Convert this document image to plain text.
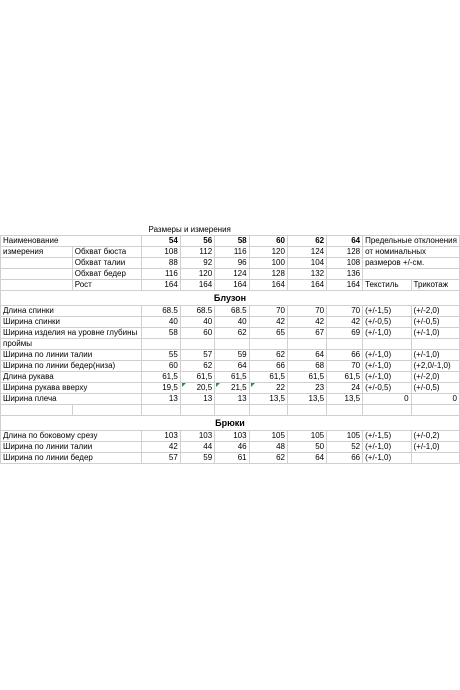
Размеры и измерения									
Наименование		54	56	58	60	62	64	Предельные отклонения	
измерения	Обхват бюста	108	112	116	120	124	128	от номинальных	
	Обхват талии	88	92	96	100	104	108	размеров +/-см.	
	Обхват бедер	116	120	124	128	132	136		
	Рост	164	164	164	164	164	164	Текстиль	Трикотаж
Блузон									
Длина спинки		68.5	68.5	68.5	70	70	70	(+/-1,5)	(+/-2,0)
Ширина спинки		40	40	40	42	42	42	(+/-0,5)	(+/-0,5)
Ширина изделия на уровне глубины		58	60	62	65	67	69	(+/-1,0)	(+/-1,0)
проймы									
Ширина по линии талии		55	57	59	62	64	66	(+/-1,0)	(+/-1,0)
Ширина по линии бедер(низа)		60	62	64	66	68	70	(+/-1,0)	(+2,0/-1,0)
Длина рукава		61,5	61,5	61,5	61,5	61,5	61,5	(+/-1,0)	(+/-2,0)
Ширина рукава вверху		19,5	20,5	21,5	22	23	24	(+/-0,5)	(+/-0,5)
Ширина плеча		13	13	13	13,5	13,5	13,5	0	0

Брюки									
Длина по боковому срезу		103	103	103	105	105	105	(+/-1,5)	(+/-0,2)
Ширина по линии талии		42	44	46	48	50	52	(+/-1,0)	(+/-1,0)
Ширина по линии бедер		57	59	61	62	64	66	(+/-1,0)	
